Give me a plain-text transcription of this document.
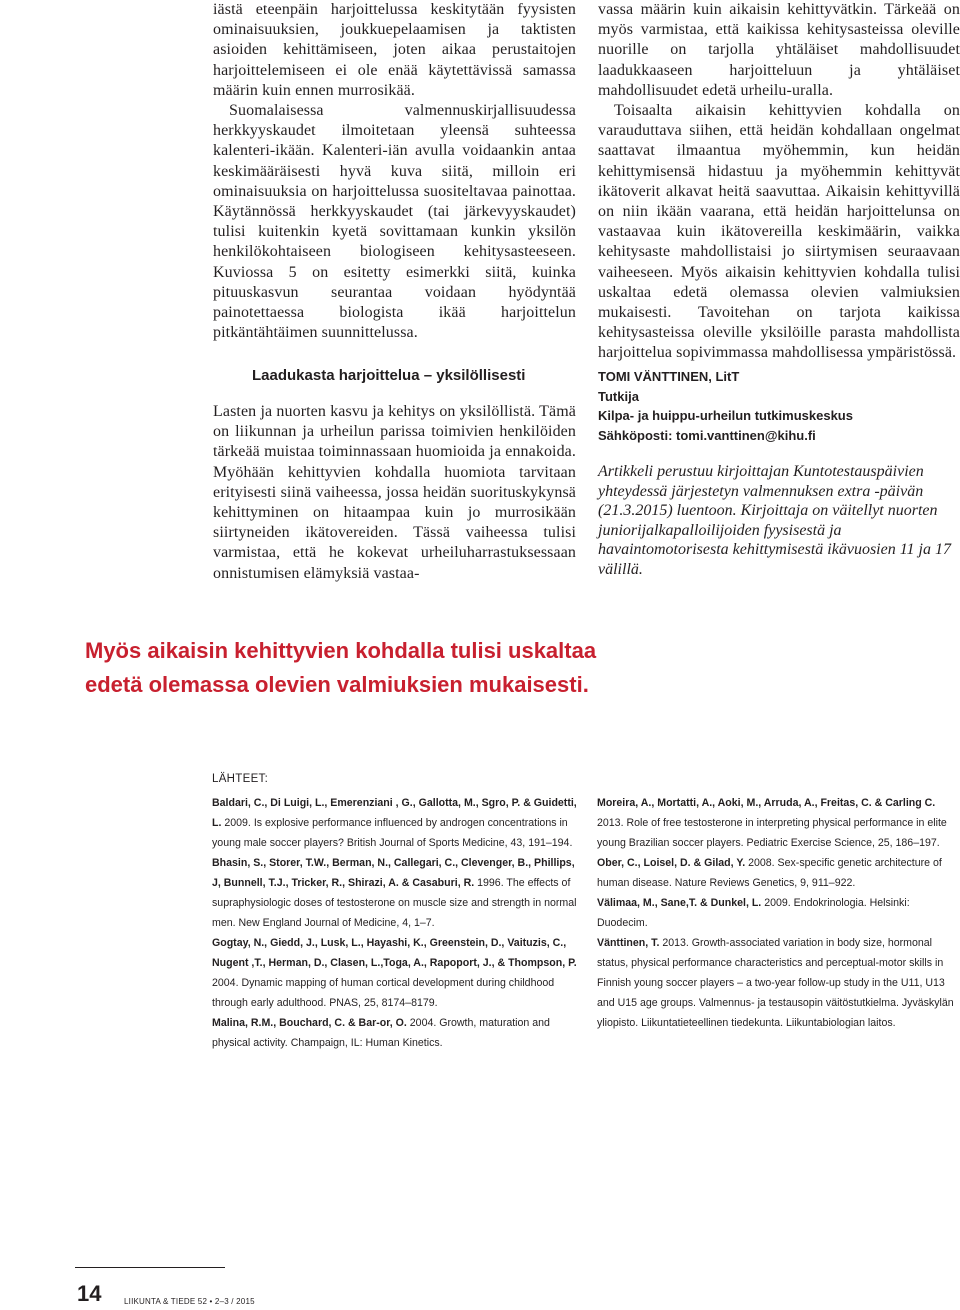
iästä eteenpäin harjoittelussa keskitytään fyysisten ominaisuuksien, joukkuepelaamisen ja taktisten asioiden kehittämiseen, joten aikaa perustaitojen harjoittelemiseen ei ole enää käytettävissä samassa määrin kuin ennen murrosikää.

Suomalaisessa valmennuskirjallisuudessa herkkyyskaudet ilmoitetaan yleensä suhteessa kalenteri-ikään. Kalenteri-iän avulla voidaankin antaa keskimääräisesti hyvä kuva siitä, milloin eri ominaisuuksia on harjoittelussa suositeltavaa painottaa. Käytännössä herkkyyskaudet (tai järkevyyskaudet) tulisi kuitenkin kyetä sovittamaan kunkin yksilön henkilökohtaiseen biologiseen kehitysasteeseen. Kuviossa 5 on esitetty esimerkki siitä, kuinka pituuskasvun seurantaa voidaan hyödyntää painotettaessa biologista ikää harjoittelun pitkäntähtäimen suunnittelussa.

Laadukasta harjoittelua – yksilöllisesti

Lasten ja nuorten kasvu ja kehitys on yksilöllistä. Tämä on liikunnan ja urheilun parissa toimivien henkilöiden tärkeää muistaa toiminnassaan huomioida ja ennakoida. Myöhään kehittyvien kohdalla huomiota tarvitaan erityisesti siinä vaiheessa, jossa heidän suorituskykynsä kehittyminen on hitaampaa kuin jo murrosikään siirtyneiden ikätovereiden. Tässä vaiheessa tulisi varmistaa, että he kokevat urheiluharrastuksessaan onnistumisen elämyksiä vastaa-

vassa määrin kuin aikaisin kehittyvätkin. Tärkeää on myös varmistaa, että kaikissa kehitysasteissa oleville nuorille on tarjolla yhtäläiset mahdollisuudet laadukkaaseen harjoitteluun ja yhtäläiset mahdollisuudet edetä urheilu-uralla.

Toisaalta aikaisin kehittyvien kohdalla on varauduttava siihen, että heidän kohdallaan ongelmat saattavat ilmaantua myöhemmin, kun heidän kehittymisensä hidastuu ja myöhemmin kehittyvät ikätoverit alkavat heitä saavuttaa. Aikaisin kehittyvillä on niin ikään vaarana, että heidän harjoittelunsa on vastaavaa kuin ikätovereilla keskimäärin, vaikka kehitysaste mahdollistaisi jo siirtymisen seuraavaan vaiheeseen. Myös aikaisin kehittyvien kohdalla tulisi uskaltaa edetä olemassa olevien valmiuksien mukaisesti. Tavoitehan on tarjota kaikissa kehitysasteissa oleville yksilöille parasta mahdollista harjoittelua sopivimmassa mahdollisessa ympäristössä.

TOMI VÄNTTINEN, LitT
Tutkija
Kilpa- ja huippu-urheilun tutkimuskeskus
Sähköposti: tomi.vanttinen@kihu.fi
Artikkeli perustuu kirjoittajan Kuntotestauspäivien yhteydessä järjestetyn valmennuksen extra -päivän (21.3.2015) luentoon. Kirjoittaja on väitellyt nuorten juniorijalkapalloilijoiden fyysisestä ja havaintomotorisesta kehittymisestä ikävuosien 11 ja 17 välillä.
Myös aikaisin kehittyvien kohdalla tulisi uskaltaa
edetä olemassa olevien valmiuksien mukaisesti.
LÄHTEET:

Baldari, C., Di Luigi, L., Emerenziani , G., Gallotta, M., Sgro, P. & Guidetti, L. 2009. Is explosive performance influenced by androgen concentrations in young male soccer players? British Journal of Sports Medicine, 43, 191–194.

Bhasin, S., Storer, T.W., Berman, N., Callegari, C., Clevenger, B., Phillips, J, Bunnell, T.J., Tricker, R., Shirazi, A. & Casaburi, R. 1996. The effects of supraphysiologic doses of testosterone on muscle size and strength in normal men. New England Journal of Medicine, 4, 1–7.

Gogtay, N., Giedd, J., Lusk, L., Hayashi, K., Greenstein, D., Vaituzis, C., Nugent ,T., Herman, D., Clasen, L.,Toga, A., Rapoport, J., & Thompson, P. 2004. Dynamic mapping of human cortical development during childhood through early adulthood. PNAS, 25, 8174–8179.

Malina, R.M., Bouchard, C. & Bar-or, O. 2004. Growth, maturation and physical activity. Champaign, IL: Human Kinetics.

Moreira, A., Mortatti, A., Aoki, M., Arruda, A., Freitas, C. & Carling C. 2013. Role of free testosterone in interpreting physical performance in elite young Brazilian soccer players. Pediatric Exercise Science, 25, 186–197.

Ober, C., Loisel, D. & Gilad, Y. 2008. Sex-specific genetic architecture of human disease. Nature Reviews Genetics, 9, 911–922.

Välimaa, M., Sane,T. & Dunkel, L. 2009. Endokrinologia. Helsinki: Duodecim.

Vänttinen, T. 2013. Growth-associated variation in body size, hormonal status, physical performance characteristics and perceptual-motor skills in Finnish young soccer players – a two-year follow-up study in the U11, U13 and U15 age groups. Valmennus- ja testausopin väitöstutkielma. Jyväskylän yliopisto. Liikuntatieteellinen tiedekunta. Liikuntabiologian laitos.

14	LIIKUNTA & TIEDE 52 • 2–3 / 2015
